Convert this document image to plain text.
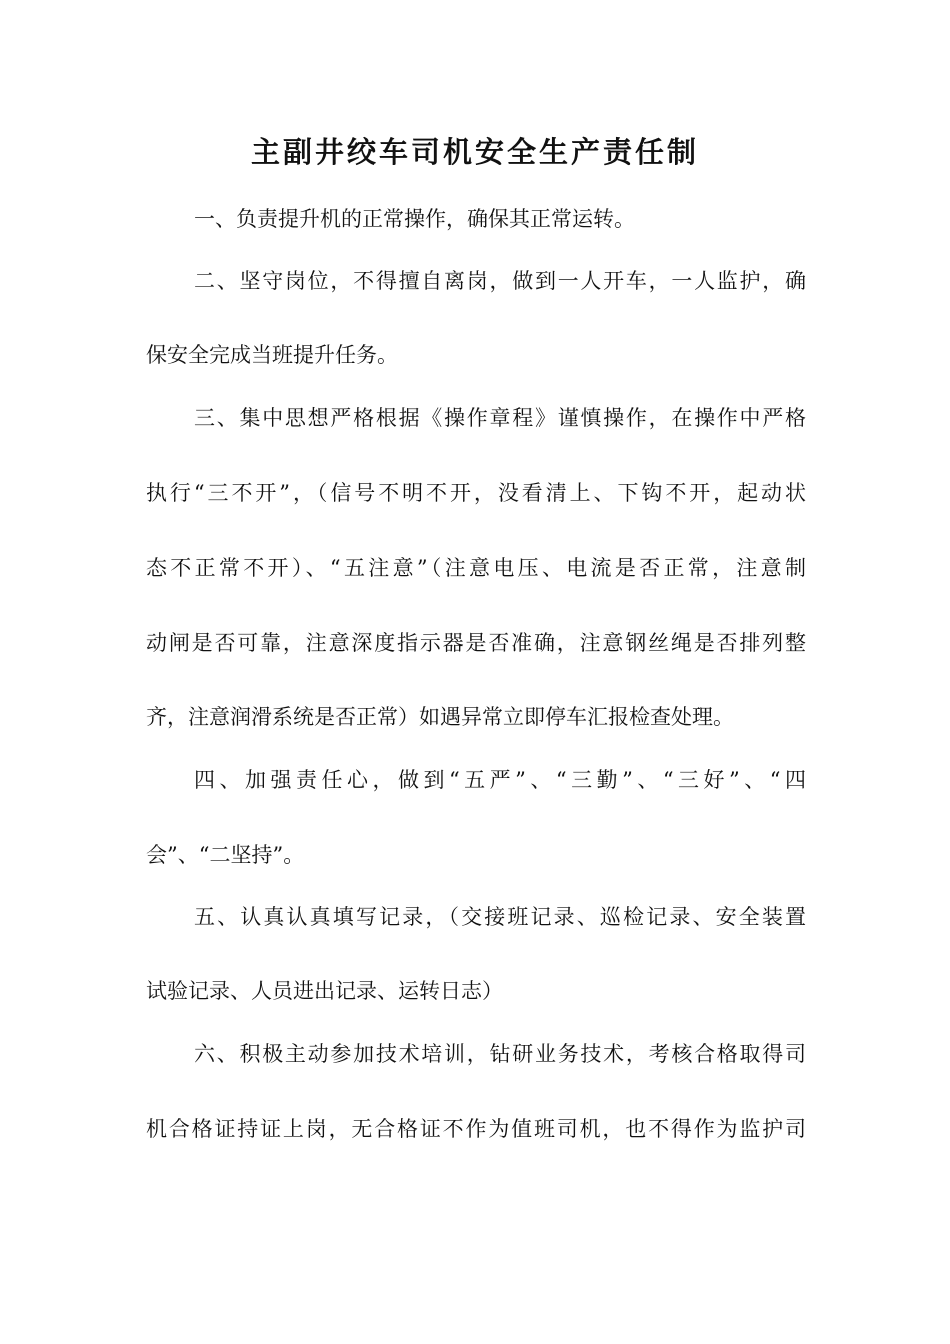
主副井绞车司机安全生产责任制

一、负责提升机的正常操作，确保其正常运转。

二、坚守岗位，不得擅自离岗，做到一人开车，一人监护，确

保安全完成当班提升任务。

三、集中思想严格根据《操作章程》谨慎操作，在操作中严格

执行“三不开”，（信号不明不开，没看清上、下钩不开，起动状

态不正常不开）、“五注意”（注意电压、电流是否正常，注意制

动闸是否可靠，注意深度指示器是否准确，注意钢丝绳是否排列整

齐，注意润滑系统是否正常）如遇异常立即停车汇报检查处理。

四、加强责任心，做到“五严”、“三勤”、“三好”、“四

会”、“二坚持”。

五、认真认真填写记录，（交接班记录、巡检记录、安全装置

试验记录、人员进出记录、运转日志）

六、积极主动参加技术培训，钻研业务技术，考核合格取得司

机合格证持证上岗，无合格证不作为值班司机，也不得作为监护司
